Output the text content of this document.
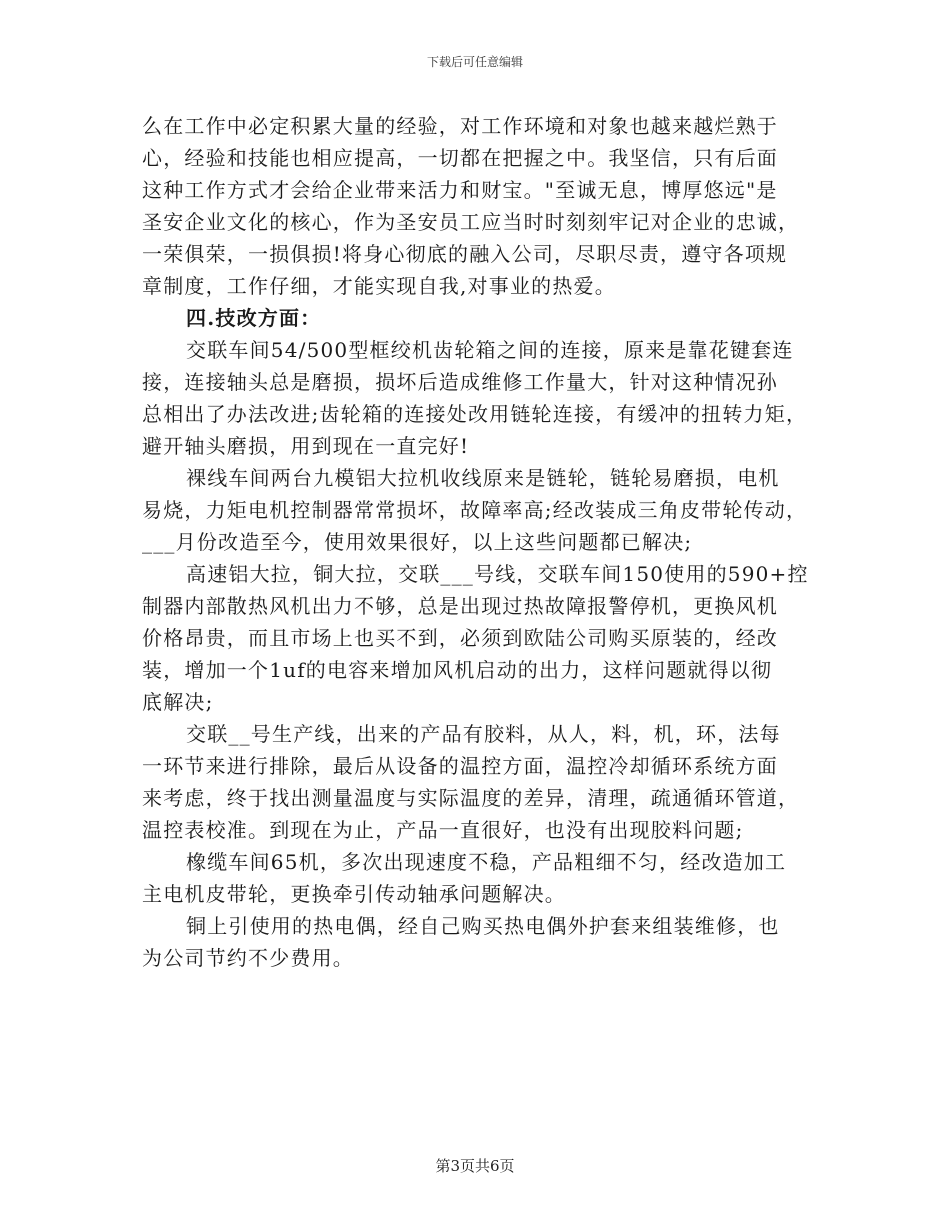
下载后可任意编辑
么在工作中必定积累大量的经验，对工作环境和对象也越来越烂熟于
心，经验和技能也相应提高，一切都在把握之中。我坚信，只有后面
这种工作方式才会给企业带来活力和财宝。"至诚无息，博厚悠远"是
圣安企业文化的核心，作为圣安员工应当时时刻刻牢记对企业的忠诚，
一荣俱荣，一损俱损!将身心彻底的融入公司，尽职尽责，遵守各项规
章制度，工作仔细，才能实现自我,对事业的热爱。
四.技改方面：
交联车间54/500型框绞机齿轮箱之间的连接，原来是靠花键套连
接，连接轴头总是磨损，损坏后造成维修工作量大，针对这种情况孙
总相出了办法改进;齿轮箱的连接处改用链轮连接，有缓冲的扭转力矩，
避开轴头磨损，用到现在一直完好!
裸线车间两台九模铝大拉机收线原来是链轮，链轮易磨损，电机
易烧，力矩电机控制器常常损坏，故障率高;经改装成三角皮带轮传动，
___月份改造至今，使用效果很好，以上这些问题都已解决;
高速铝大拉，铜大拉，交联___号线，交联车间150使用的590+控
制器内部散热风机出力不够，总是出现过热故障报警停机，更换风机
价格昂贵，而且市场上也买不到，必须到欧陆公司购买原装的，经改
装，增加一个1uf的电容来增加风机启动的出力，这样问题就得以彻
底解决;
交联__号生产线，出来的产品有胶料，从人，料，机，环，法每
一环节来进行排除，最后从设备的温控方面，温控冷却循环系统方面
来考虑，终于找出测量温度与实际温度的差异，清理，疏通循环管道，
温控表校准。到现在为止，产品一直很好，也没有出现胶料问题;
橡缆车间65机，多次出现速度不稳，产品粗细不匀，经改造加工
主电机皮带轮，更换牵引传动轴承问题解决。
铜上引使用的热电偶，经自己购买热电偶外护套来组装维修，也
为公司节约不少费用。
第3页共6页
